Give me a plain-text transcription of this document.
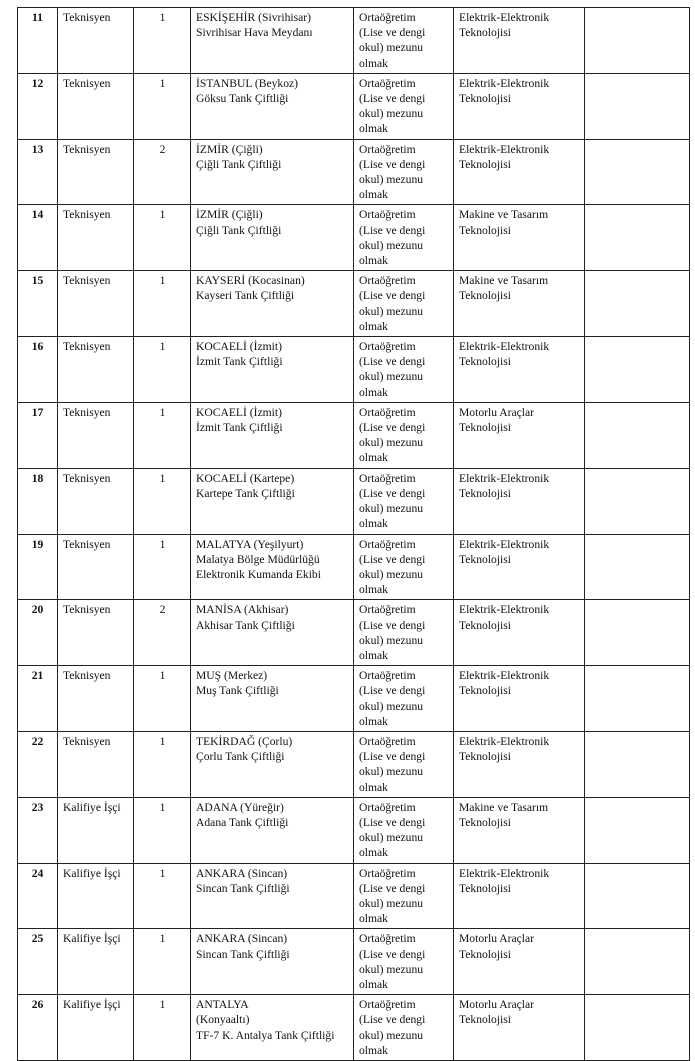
11	Teknisyen	1	ESKİŞEHİR (Sivrihisar)
Sivrihisar Hava Meydanı	Ortaöğretim
(Lise ve dengi
okul) mezunu
olmak	Elektrik-Elektronik
Teknolojisi	
12	Teknisyen	1	İSTANBUL (Beykoz)
Göksu Tank Çiftliği	Ortaöğretim
(Lise ve dengi
okul) mezunu
olmak	Elektrik-Elektronik
Teknolojisi	
13	Teknisyen	2	İZMİR (Çiğli)
Çiğli Tank Çiftliği	Ortaöğretim
(Lise ve dengi
okul) mezunu
olmak	Elektrik-Elektronik
Teknolojisi	
14	Teknisyen	1	İZMİR (Çiğli)
Çiğli Tank Çiftliği	Ortaöğretim
(Lise ve dengi
okul) mezunu
olmak	Makine ve Tasarım
Teknolojisi	
15	Teknisyen	1	KAYSERİ (Kocasinan)
Kayseri Tank Çiftliği	Ortaöğretim
(Lise ve dengi
okul) mezunu
olmak	Makine ve Tasarım
Teknolojisi	
16	Teknisyen	1	KOCAELİ (İzmit)
İzmit Tank Çiftliği	Ortaöğretim
(Lise ve dengi
okul) mezunu
olmak	Elektrik-Elektronik
Teknolojisi	
17	Teknisyen	1	KOCAELİ (İzmit)
İzmit Tank Çiftliği	Ortaöğretim
(Lise ve dengi
okul) mezunu
olmak	Motorlu Araçlar
Teknolojisi	
18	Teknisyen	1	KOCAELİ (Kartepe)
Kartepe Tank Çiftliği	Ortaöğretim
(Lise ve dengi
okul) mezunu
olmak	Elektrik-Elektronik
Teknolojisi	
19	Teknisyen	1	MALATYA (Yeşilyurt)
Malatya Bölge Müdürlüğü
Elektronik Kumanda Ekibi	Ortaöğretim
(Lise ve dengi
okul) mezunu
olmak	Elektrik-Elektronik
Teknolojisi	
20	Teknisyen	2	MANİSA (Akhisar)
Akhisar Tank Çiftliği	Ortaöğretim
(Lise ve dengi
okul) mezunu
olmak	Elektrik-Elektronik
Teknolojisi	
21	Teknisyen	1	MUŞ (Merkez)
Muş Tank Çiftliği	Ortaöğretim
(Lise ve dengi
okul) mezunu
olmak	Elektrik-Elektronik
Teknolojisi	
22	Teknisyen	1	TEKİRDAĞ (Çorlu)
Çorlu Tank Çiftliği	Ortaöğretim
(Lise ve dengi
okul) mezunu
olmak	Elektrik-Elektronik
Teknolojisi	
23	Kalifiye İşçi	1	ADANA (Yüreğir)
Adana Tank Çiftliği	Ortaöğretim
(Lise ve dengi
okul) mezunu
olmak	Makine ve Tasarım
Teknolojisi	
24	Kalifiye İşçi	1	ANKARA (Sincan)
Sincan Tank Çiftliği	Ortaöğretim
(Lise ve dengi
okul) mezunu
olmak	Elektrik-Elektronik
Teknolojisi	
25	Kalifiye İşçi	1	ANKARA (Sincan)
Sincan Tank Çiftliği	Ortaöğretim
(Lise ve dengi
okul) mezunu
olmak	Motorlu Araçlar
Teknolojisi	
26	Kalifiye İşçi	1	ANTALYA
(Konyaaltı)
TF-7 K. Antalya Tank Çiftliği	Ortaöğretim
(Lise ve dengi
okul) mezunu
olmak	Motorlu Araçlar
Teknolojisi	
